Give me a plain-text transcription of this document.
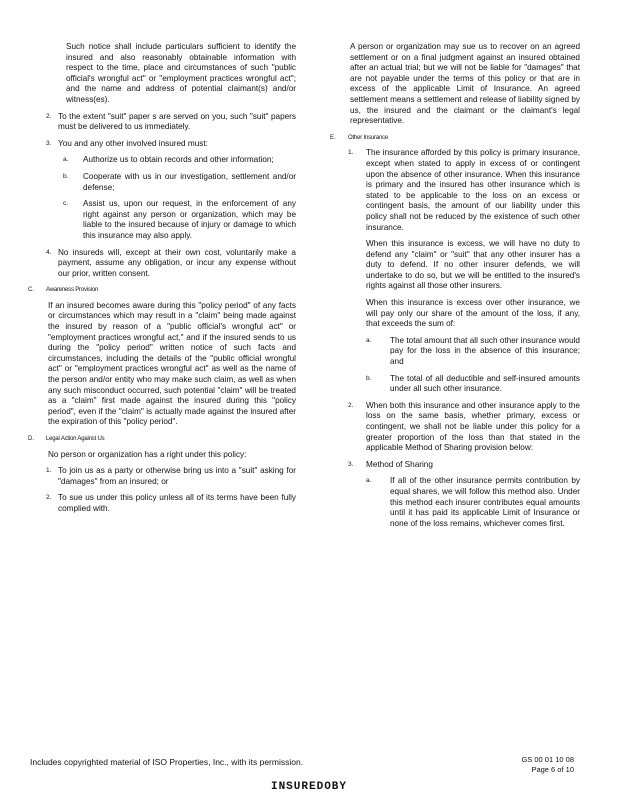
Such notice shall include particulars sufficient to identify the insured and also reasonably obtainable information with respect to the time, place and circumstances of such "public official's wrongful act" or "employment practices wrongful act"; and the name and address of potential claimant(s) and/or witness(es).

2. To the extent "suit" paper s are served on you, such "suit" papers must be delivered to us immediately.
3. You and any other involved insured must:
a. Authorize us to obtain records and other information;
b. Cooperate with us in our investigation, settlement and/or defense;
c. Assist us, upon our request, in the enforcement of any right against any person or organization, which may be liable to the insured because of injury or damage to which this insurance may also apply.
4. No insureds will, except at their own cost, voluntarily make a payment, assume any obligation, or incur any expense without our prior, written consent.
C. Awareness Provision

If an insured becomes aware during this "policy period" of any facts or circumstances which may result in a "claim" being made against the insured by reason of a "public official's wrongful act" or "employment practices wrongful act," and if the insured sends to us during the "policy period" written notice of such facts and circumstances, including the details of the "public official wrongful act" or "employment practices wrongful act" as well as the name of the person and/or entity who may make such claim, as well as when any such misconduct occurred, such potential "claim" will be treated as a "claim" first made against the insured during this "policy period", even if the "claim" is actually made against the insured after the expiration of this "policy period".

D. Legal Action Against Us

No person or organization has a right under this policy:

1. To join us as a party or otherwise bring us into a "suit" asking for "damages" from an insured; or
2. To sue us under this policy unless all of its terms have been fully complied with.

A person or organization may sue us to recover on an agreed settlement or on a final judgment against an insured obtained after an actual trial; but we will not be liable for "damages" that are not payable under the terms of this policy or that are in excess of the applicable Limit of Insurance. An agreed settlement means a settlement and release of liability signed by us, the insured and the claimant or the claimant's legal representative.

E. Other Insurance
1. The insurance afforded by this policy is primary insurance, except when stated to apply in excess of or contingent upon the absence of other insurance. When this insurance is primary and the insured has other insurance which is stated to be applicable to the loss on an excess or contingent basis, the amount of our liability under this policy shall not be reduced by the existence of such other insurance.

When this insurance is excess, we will have no duty to defend any "claim" or "suit" that any other insurer has a duty to defend. If no other insurer defends, we will undertake to do so, but we will be entitled to the insured's rights against all those other insurers.

When this insurance is excess over other insurance, we will pay only our share of the amount of the loss, if any, that exceeds the sum of:

a. The total amount that all such other insurance would pay for the loss in the absence of this insurance; and
b. The total of all deductible and self-insured amounts under all such other insurance.
2. When both this insurance and other insurance apply to the loss on the same basis, whether primary, excess or contingent, we shall not be liable under this policy for a greater proportion of the loss than that stated in the applicable Method of Sharing provision below:
3. Method of Sharing
a. If all of the other insurance permits contribution by equal shares, we will follow this method also. Under this method each insurer contributes equal amounts until it has paid its applicable Limit of Insurance or none of the loss remains, whichever comes first.
Includes copyrighted material of ISO Properties, Inc., with its permission.	GS 00 01 10 08
Page 6 of 10
INSUREDOBY
